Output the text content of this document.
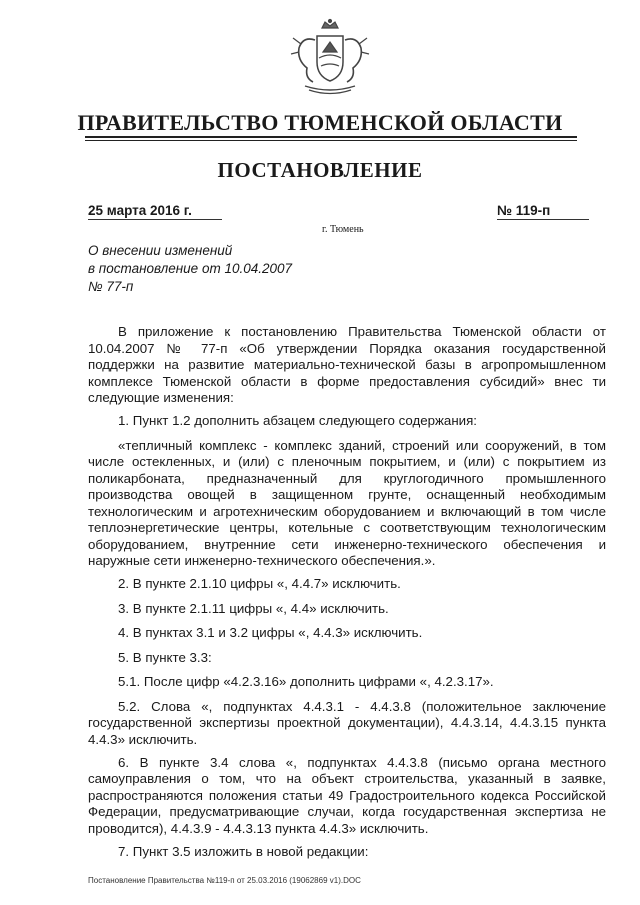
ПРАВИТЕЛЬСТВО ТЮМЕНСКОЙ ОБЛАСТИ
ПОСТАНОВЛЕНИЕ
25 марта 2016 г.	№ 119-п
г. Тюмень
О внесении изменений
в постановление от 10.04.2007
№ 77-п

В приложение к постановлению Правительства Тюменской области от 10.04.2007 № 77-п «Об утверждении Порядка оказания государственной поддержки на развитие материально-технической базы в агропромышленном комплексе Тюменской области в форме предоставления субсидий» внес ти следующие изменения:

1. Пункт 1.2 дополнить абзацем следующего содержания:

«тепличный комплекс - комплекс зданий, строений или сооружений, в том числе остекленных, и (или) с пленочным покрытием, и (или) с покрытием из поликарбоната, предназначенный для круглогодичного промышленного производства овощей в защищенном грунте, оснащенный необходимым технологическим и агротехническим оборудованием и включающий в том числе теплоэнергетические центры, котельные с соответствующим технологическим оборудованием, внутренние сети инженерно-технического обеспечения и наружные сети инженерно-технического обеспечения.».

2. В пункте 2.1.10 цифры «, 4.4.7» исключить.

3. В пункте 2.1.11 цифры «, 4.4» исключить.

4. В пунктах 3.1 и 3.2 цифры «, 4.4.3» исключить.

5. В пункте 3.3:

5.1. После цифр «4.2.3.16» дополнить цифрами «, 4.2.3.17».

5.2. Слова «, подпунктах 4.4.3.1 - 4.4.3.8 (положительное заключение государственной экспертизы проектной документации), 4.4.3.14, 4.4.3.15 пункта 4.4.3» исключить.

6. В пункте 3.4 слова «, подпунктах 4.4.3.8 (письмо органа местного самоуправления о том, что на объект строительства, указанный в заявке, распространяются положения статьи 49 Градостроительного кодекса Российской Федерации, предусматривающие случаи, когда государственная экспертиза не проводится), 4.4.3.9 - 4.4.3.13 пункта 4.4.3» исключить.

7. Пункт 3.5 изложить в новой редакции:

Постановление Правительства №119-п от 25.03.2016 (19062869 v1).DOC
